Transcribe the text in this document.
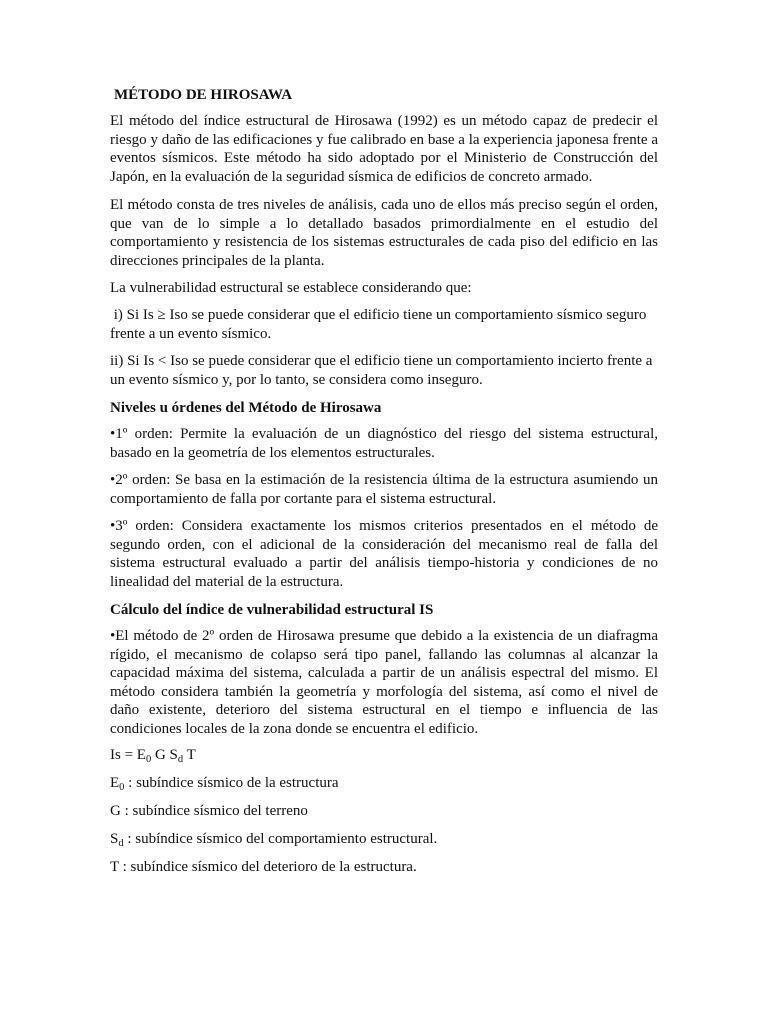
MÉTODO DE HIROSAWA

El método del índice estructural de Hirosawa (1992) es un método capaz de predecir el riesgo y daño de las edificaciones y fue calibrado en base a la experiencia japonesa frente a eventos sísmicos. Este método ha sido adoptado por el Ministerio de Construcción del Japón, en la evaluación de la seguridad sísmica de edificios de concreto armado.

El método consta de tres niveles de análisis, cada uno de ellos más preciso según el orden, que van de lo simple a lo detallado basados primordialmente en el estudio del comportamiento y resistencia de los sistemas estructurales de cada piso del edificio en las direcciones principales de la planta.

La vulnerabilidad estructural se establece considerando que:

i) Si Is ≥ Iso se puede considerar que el edificio tiene un comportamiento sísmico seguro frente a un evento sísmico.

ii) Si Is < Iso se puede considerar que el edificio tiene un comportamiento incierto frente a un evento sísmico y, por lo tanto, se considera como inseguro.

Niveles u órdenes del Método de Hirosawa

•1º orden: Permite la evaluación de un diagnóstico del riesgo del sistema estructural, basado en la geometría de los elementos estructurales.

•2º orden: Se basa en la estimación de la resistencia última de la estructura asumiendo un comportamiento de falla por cortante para el sistema estructural.

•3º orden: Considera exactamente los mismos criterios presentados en el método de segundo orden, con el adicional de la consideración del mecanismo real de falla del sistema estructural evaluado a partir del análisis tiempo-historia y condiciones de no linealidad del material de la estructura.

Cálculo del índice de vulnerabilidad estructural IS

•El método de 2º orden de Hirosawa presume que debido a la existencia de un diafragma rígido, el mecanismo de colapso será tipo panel, fallando las columnas al alcanzar la capacidad máxima del sistema, calculada a partir de un análisis espectral del mismo. El método considera también la geometría y morfología del sistema, así como el nivel de daño existente, deterioro del sistema estructural en el tiempo e influencia de las condiciones locales de la zona donde se encuentra el edificio.

$Is = E_0$ G $S_d$ T

$E_0$ : subíndice sísmico de la estructura

G : subíndice sísmico del terreno

$S_d$ : subíndice sísmico del comportamiento estructural.

T : subíndice sísmico del deterioro de la estructura.
